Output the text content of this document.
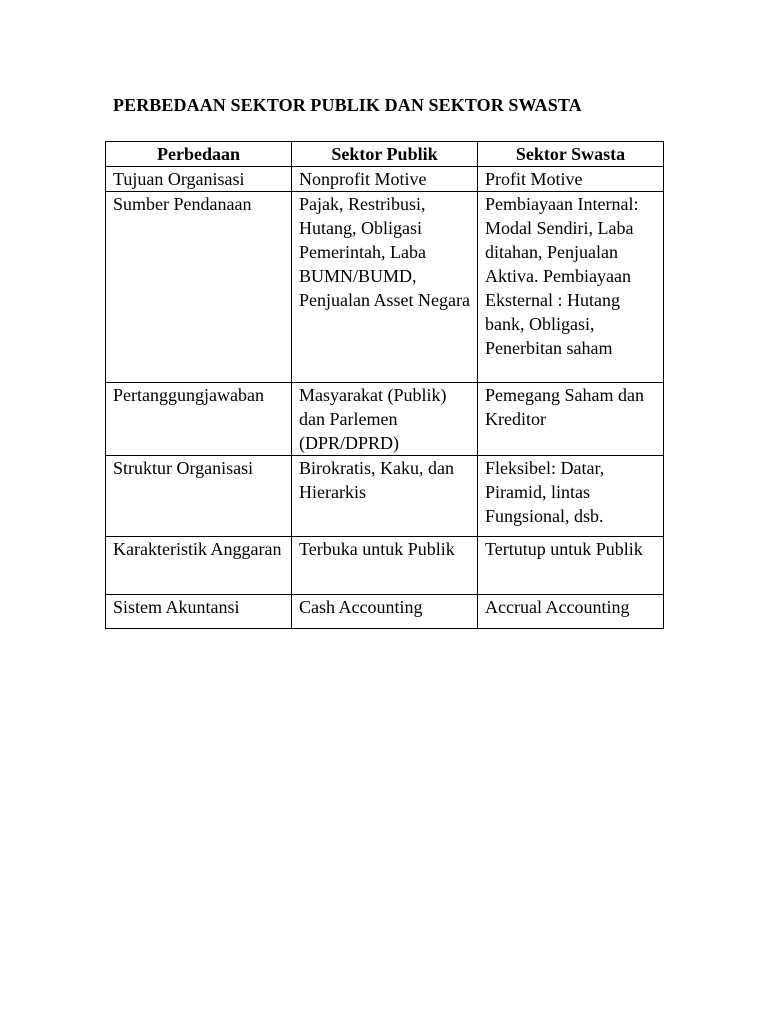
PERBEDAAN SEKTOR PUBLIK DAN SEKTOR SWASTA
Perbedaan	Sektor Publik	Sektor Swasta
Tujuan Organisasi	Nonprofit Motive	Profit Motive
Sumber Pendanaan	Pajak, Restribusi, Hutang, Obligasi Pemerintah, Laba BUMN/BUMD, Penjualan Asset Negara	Pembiayaan Internal: Modal Sendiri, Laba ditahan, Penjualan Aktiva. Pembiayaan Eksternal : Hutang bank, Obligasi, Penerbitan saham
Pertanggungjawaban	Masyarakat (Publik) dan Parlemen (DPR/DPRD)	Pemegang Saham dan Kreditor
Struktur Organisasi	Birokratis, Kaku, dan Hierarkis	Fleksibel: Datar, Piramid, lintas Fungsional, dsb.
Karakteristik Anggaran	Terbuka untuk Publik	Tertutup untuk Publik
Sistem Akuntansi	Cash Accounting	Accrual Accounting
